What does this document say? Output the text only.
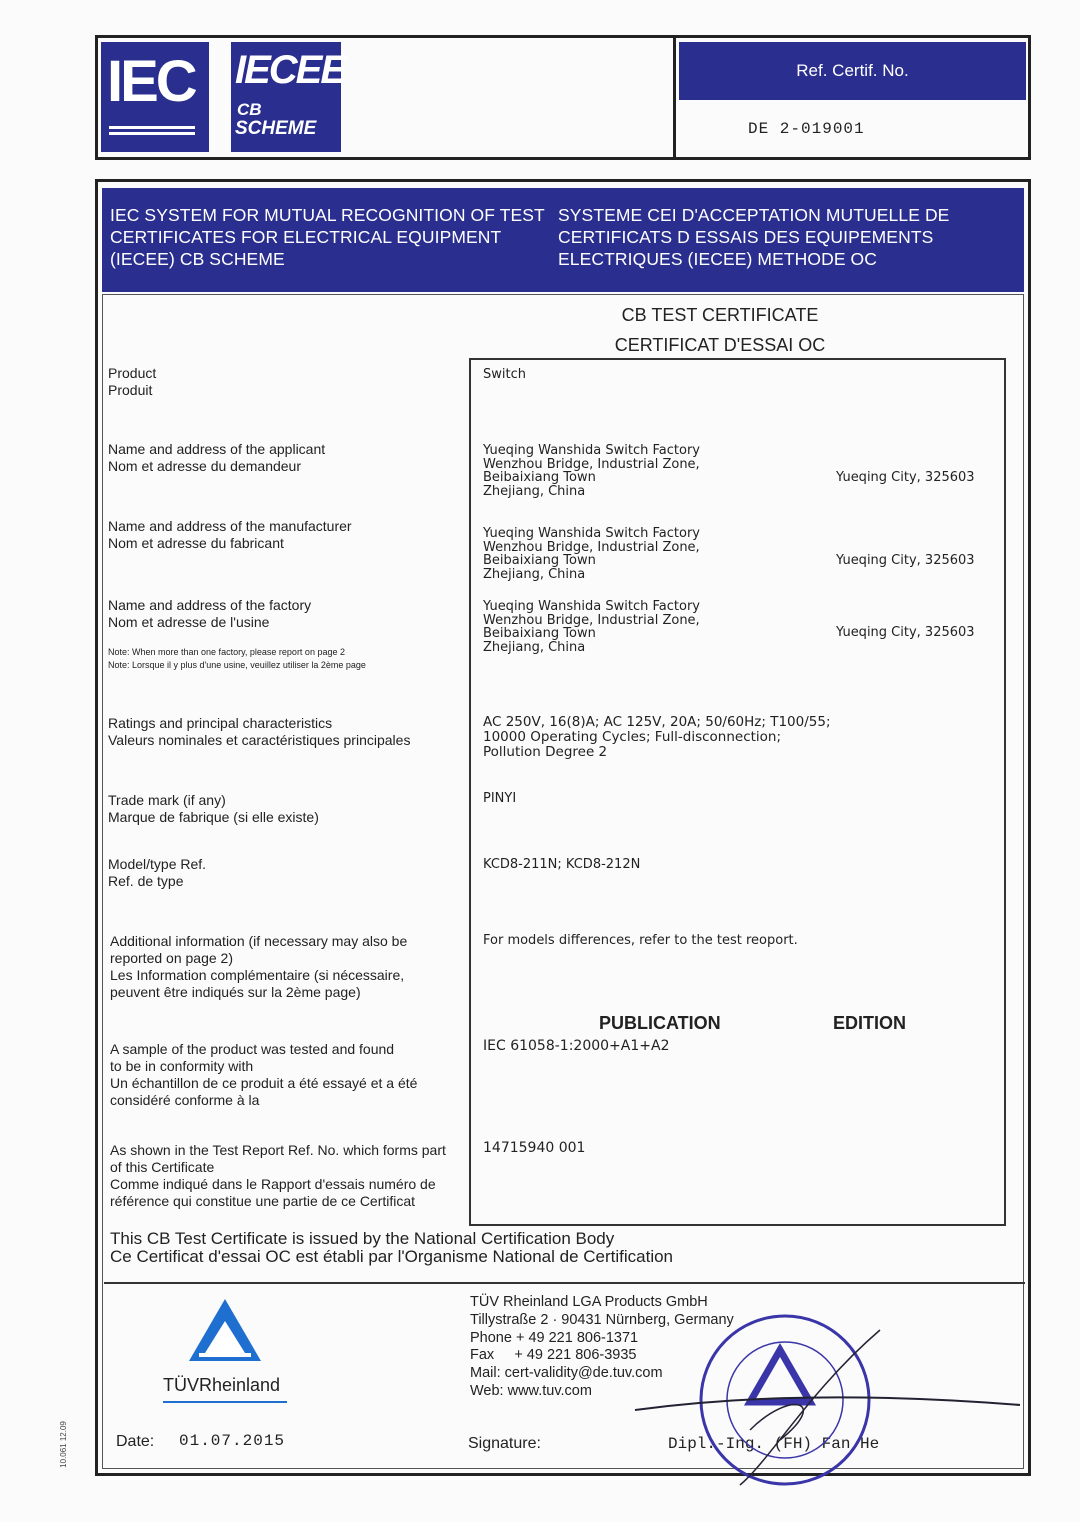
IEC IECEE
CB
SCHEME
Ref. Certif. No.
DE 2-019001
IEC SYSTEM FOR MUTUAL RECOGNITION OF TEST
CERTIFICATES FOR ELECTRICAL EQUIPMENT
(IECEE) CB SCHEME
SYSTEME CEI D'ACCEPTATION MUTUELLE DE
CERTIFICATS D ESSAIS DES EQUIPEMENTS
ELECTRIQUES (IECEE) METHODE OC
CB TEST CERTIFICATE
CERTIFICAT D'ESSAI OC
Product
Produit
Switch
Name and address of the applicant
Nom et adresse du demandeur
Yueqing Wanshida Switch Factory
Wenzhou Bridge, Industrial Zone,
Beibaixiang Town
Zhejiang, China
Yueqing City, 325603
Name and address of the manufacturer
Nom et adresse du fabricant
Yueqing Wanshida Switch Factory
Wenzhou Bridge, Industrial Zone,
Beibaixiang Town
Zhejiang, China
Yueqing City, 325603
Name and address of the factory
Nom et adresse de l'usine
Note: When more than one factory, please report on page 2
Note: Lorsque il y plus d'une usine, veuillez utiliser la 2ème page
Yueqing Wanshida Switch Factory
Wenzhou Bridge, Industrial Zone,
Beibaixiang Town
Zhejiang, China
Yueqing City, 325603
Ratings and principal characteristics
Valeurs nominales et caractéristiques principales
AC 250V, 16(8)A; AC 125V, 20A; 50/60Hz; T100/55;
10000 Operating Cycles; Full-disconnection;
Pollution Degree 2
Trade mark (if any)
Marque de fabrique (si elle existe)
PINYI
Model/type Ref.
Ref. de type
KCD8-211N; KCD8-212N
Additional information (if necessary may also be
reported on page 2)
Les Information complémentaire (si nécessaire,
peuvent être indiqués sur la 2ème page)
For models differences, refer to the test reoport.
PUBLICATION	EDITION
A sample of the product was tested and found
to be in conformity with
Un échantillon de ce produit a été essayé et a été
considéré conforme à la
IEC 61058-1:2000+A1+A2
As shown in the Test Report Ref. No. which forms part
of this Certificate
Comme indiqué dans le Rapport d'essais numéro de
référence qui constitue une partie de ce Certificat
14715940 001
This CB Test Certificate is issued by the National Certification Body
Ce Certificat d'essai OC est établi par l'Organisme National de Certification
TÜVRheinland
TÜV Rheinland LGA Products GmbH
Tillystraße 2 · 90431 Nürnberg, Germany
Phone + 49 221 806-1371
Fax     + 49 221 806-3935
Mail: cert-validity@de.tuv.com
Web: www.tuv.com
Date: 01.07.2015	Signature:	Dipl.-Ing. (FH) Fan He
10.061 12.09
